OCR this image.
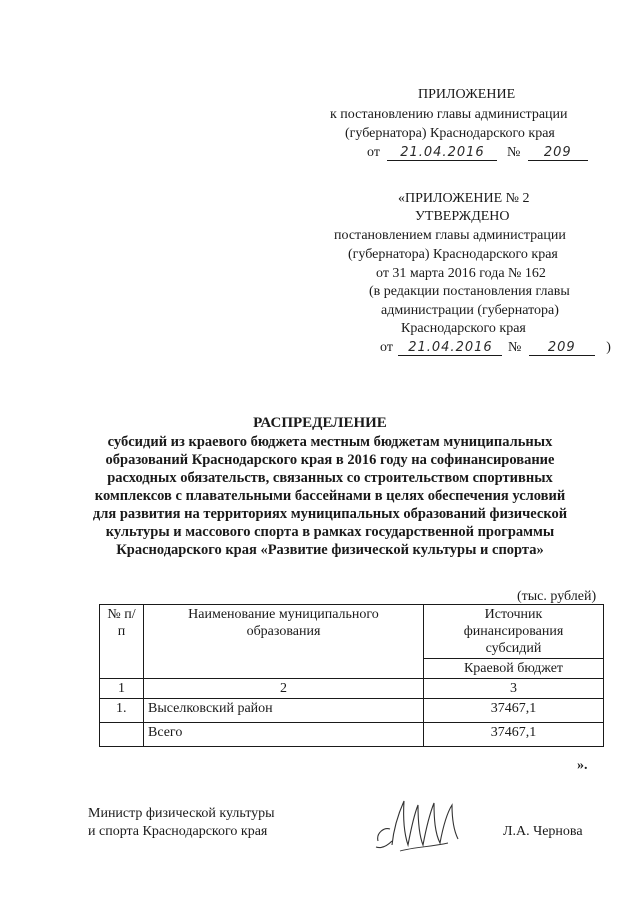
ПРИЛОЖЕНИЕ
к постановлению главы администрации
(губернатора) Краснодарского края
от 21.04.2016 № 209
«ПРИЛОЖЕНИЕ № 2
УТВЕРЖДЕНО
постановлением главы администрации
(губернатора) Краснодарского края
от 31 марта 2016 года № 162
(в редакции постановления главы
администрации (губернатора)
Краснодарского края
от 21.04.2016 № 209 )
РАСПРЕДЕЛЕНИЕ
субсидий из краевого бюджета местным бюджетам муниципальных
образований Краснодарского края в 2016 году на софинансирование
расходных обязательств, связанных со строительством спортивных
комплексов с плавательными бассейнами в целях обеспечения условий
для развития на территориях муниципальных образований физической
культуры и массового спорта в рамках государственной программы
Краснодарского края «Развитие физической культуры и спорта»
(тыс. рублей)
№ п/п	Наименование муниципального образования	Источник финансирования субсидий
		Краевой бюджет
1	2	3
1.	Выселковский район	37467,1
	Всего	37467,1
».
Министр физической культуры
и спорта Краснодарского края	Л.А. Чернова
